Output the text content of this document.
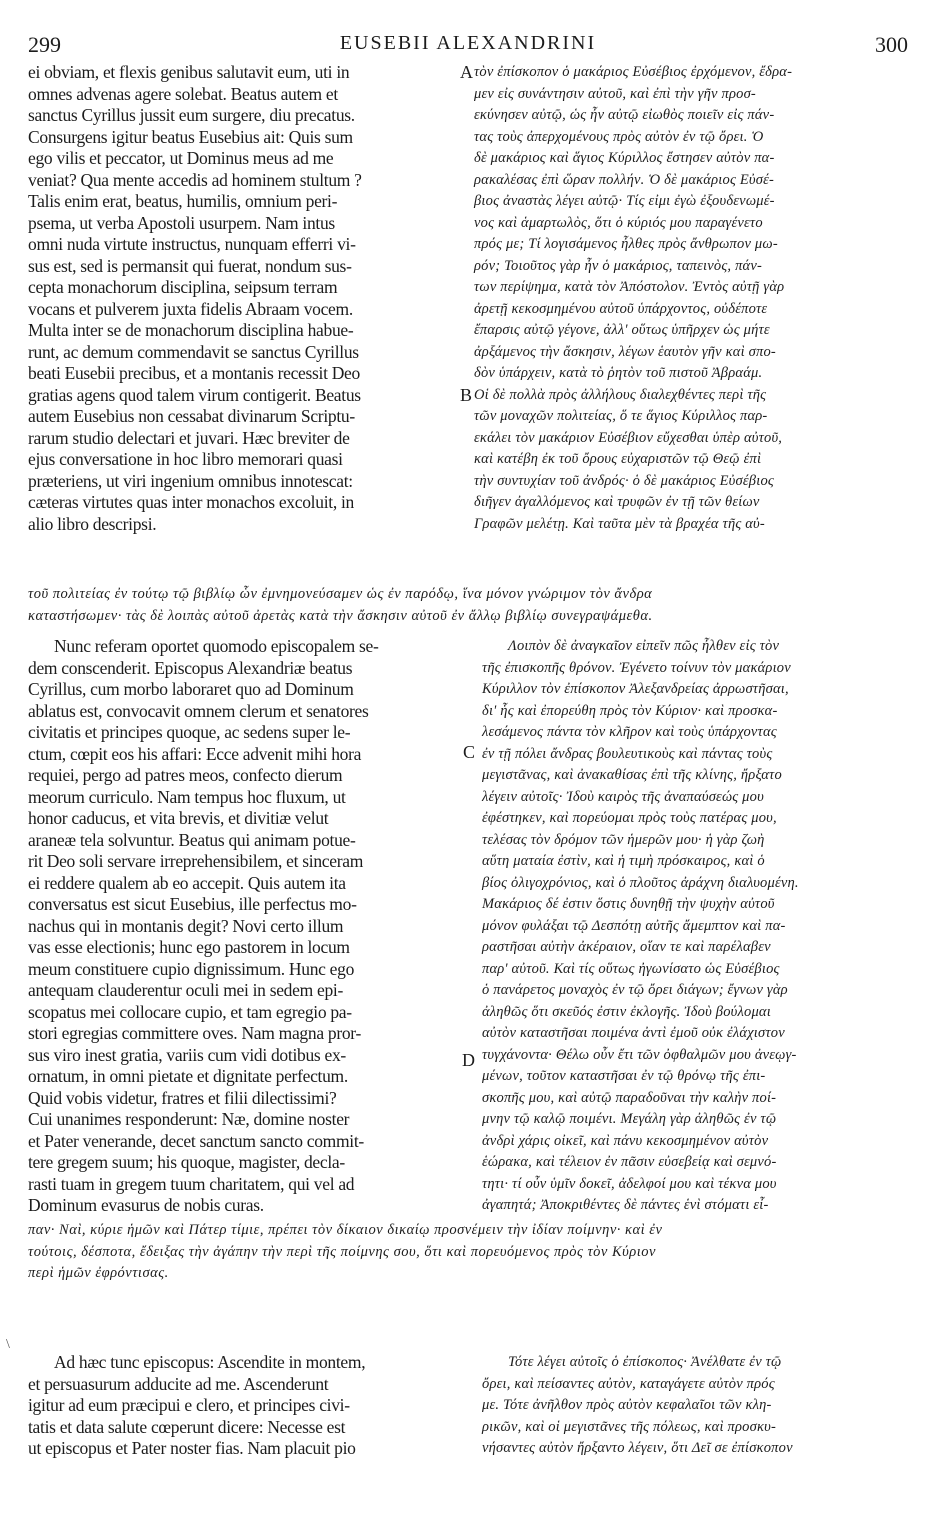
299	EUSEBII ALEXANDRINI	300
ei obviam, et flexis genibus salutavit eum, uti in
omnes advenas agere solebat. Beatus autem et
sanctus Cyrillus jussit eum surgere, diu precatus.
Consurgens igitur beatus Eusebius ait: Quis sum
ego vilis et peccator, ut Dominus meus ad me
veniat? Qua mente accedis ad hominem stultum ?
Talis enim erat, beatus, humilis, omnium peri-
psema, ut verba Apostoli usurpem. Nam intus
omni nuda virtute instructus, nunquam efferri vi-
sus est, sed is permansit qui fuerat, nondum sus-
cepta monachorum disciplina, seipsum terram
vocans et pulverem juxta fidelis Abraam vocem.
Multa inter se de monachorum disciplina habue-
runt, ac demum commendavit se sanctus Cyrillus
beati Eusebii precibus, et a montanis recessit Deo
gratias agens quod talem virum contigerit. Beatus
autem Eusebius non cessabat divinarum Scriptu-
rarum studio delectari et juvari. Hæc breviter de
ejus conversatione in hoc libro memorari quasi
præteriens, ut viri ingenium omnibus innotescat:
cæteras virtutes quas inter monachos excoluit, in
alio libro descripsi.
τὸν ἐπίσκοπον ὁ μακάριος Εὐσέβιος ἐρχόμενον, ἔδρα-
μεν εἰς συνάντησιν αὐτοῦ, καὶ ἐπὶ τὴν γῆν προσ-
εκύνησεν αὐτῷ, ὡς ἦν αὐτῷ εἰωθὸς ποιεῖν εἰς πάν-
τας τοὺς ἀπερχομένους πρὸς αὐτὸν ἐν τῷ ὄρει. Ὁ
δὲ μακάριος καὶ ἅγιος Κύριλλος ἔστησεν αὐτὸν πα-
ρακαλέσας ἐπὶ ὥραν πολλήν. Ὁ δὲ μακάριος Εὐσέ-
βιος ἀναστὰς λέγει αὐτῷ· Τίς εἰμι ἐγὼ ἐξουδενωμέ-
νος καὶ ἁμαρτωλὸς, ὅτι ὁ κύριός μου παραγένετο
πρός με; Τί λογισάμενος ἦλθες πρὸς ἄνθρωπον μω-
ρόν; Τοιοῦτος γὰρ ἦν ὁ μακάριος, ταπεινὸς, πάν-
των περίψημα, κατὰ τὸν Ἀπόστολον. Ἐντὸς αὐτῇ γὰρ
ἀρετῇ κεκοσμημένου αὐτοῦ ὑπάρχοντος, οὐδέποτε
ἔπαρσις αὐτῷ γέγονε, ἀλλ' οὕτως ὑπῆρχεν ὡς μήτε
ἀρξάμενος τὴν ἄσκησιν, λέγων ἑαυτὸν γῆν καὶ σπο-
δὸν ὑπάρχειν, κατὰ τὸ ῥητὸν τοῦ πιστοῦ Ἀβραάμ.
Οἱ δὲ πολλὰ πρὸς ἀλλήλους διαλεχθέντες περὶ τῆς
τῶν μοναχῶν πολιτείας, ὅ τε ἅγιος Κύριλλος παρ-
εκάλει τὸν μακάριον Εὐσέβιον εὔχεσθαι ὑπὲρ αὐτοῦ,
καὶ κατέβη ἐκ τοῦ ὄρους εὐχαριστῶν τῷ Θεῷ ἐπὶ
τὴν συντυχίαν τοῦ ἀνδρός· ὁ δὲ μακάριος Εὐσέβιος
διῆγεν ἀγαλλόμενος καὶ τρυφῶν ἐν τῇ τῶν θείων
Γραφῶν μελέτῃ. Καὶ ταῦτα μὲν τὰ βραχέα τῆς αὐ-
τοῦ πολιτείας ἐν τούτῳ τῷ βιβλίῳ ὧν ἐμνημονεύσαμεν ὡς ἐν παρόδῳ, ἵνα μόνον γνώριμον τὸν ἄνδρα
καταστήσωμεν· τὰς δὲ λοιπὰς αὐτοῦ ἀρετὰς κατὰ τὴν ἄσκησιν αὐτοῦ ἐν ἄλλῳ βιβλίῳ συνεγραψάμεθα.
Nunc referam oportet quomodo episcopalem se-
dem conscenderit. Episcopus Alexandriæ beatus
Cyrillus, cum morbo laboraret quo ad Dominum
ablatus est, convocavit omnem clerum et senatores
civitatis et principes quoque, ac sedens super le-
ctum, cœpit eos his affari: Ecce advenit mihi hora
requiei, pergo ad patres meos, confecto dierum
meorum curriculo. Nam tempus hoc fluxum, ut
honor caducus, et vita brevis, et divitiæ velut
araneæ tela solvuntur. Beatus qui animam potue-
rit Deo soli servare irreprehensibilem, et sinceram
ei reddere qualem ab eo accepit. Quis autem ita
conversatus est sicut Eusebius, ille perfectus mo-
nachus qui in montanis degit? Novi certo illum
vas esse electionis; hunc ego pastorem in locum
meum constituere cupio dignissimum. Hunc ego
antequam clauderentur oculi mei in sedem epi-
scopatus mei collocare cupio, et tam egregio pa-
stori egregias committere oves. Nam magna pror-
sus viro inest gratia, variis cum vidi dotibus ex-
ornatum, in omni pietate et dignitate perfectum.
Quid vobis videtur, fratres et filii dilectissimi?
Cui unanimes responderunt: Næ, domine noster
et Pater venerande, decet sanctum sancto commit-
tere gregem suum; his quoque, magister, decla-
rasti tuam in gregem tuum charitatem, qui vel ad
Dominum evasurus de nobis curas.
Λοιπὸν δὲ ἀναγκαῖον εἰπεῖν πῶς ἦλθεν εἰς τὸν
τῆς ἐπισκοπῆς θρόνον. Ἐγένετο τοίνυν τὸν μακάριον
Κύριλλον τὸν ἐπίσκοπον Ἀλεξανδρείας ἀρρωστῆσαι,
δι' ἧς καὶ ἐπορεύθη πρὸς τὸν Κύριον· καὶ προσκα-
λεσάμενος πάντα τὸν κλῆρον καὶ τοὺς ὑπάρχοντας
ἐν τῇ πόλει ἄνδρας βουλευτικοὺς καὶ πάντας τοὺς
μεγιστᾶνας, καὶ ἀνακαθίσας ἐπὶ τῆς κλίνης, ἤρξατο
λέγειν αὐτοῖς· Ἰδοὺ καιρὸς τῆς ἀναπαύσεώς μου
ἐφέστηκεν, καὶ πορεύομαι πρὸς τοὺς πατέρας μου,
τελέσας τὸν δρόμον τῶν ἡμερῶν μου· ἡ γὰρ ζωὴ
αὕτη ματαία ἐστὶν, καὶ ἡ τιμὴ πρόσκαιρος, καὶ ὁ
βίος ὀλιγοχρόνιος, καὶ ὁ πλοῦτος ἀράχνη διαλυομένη.
Μακάριος δέ ἐστιν ὅστις δυνηθῇ τὴν ψυχὴν αὐτοῦ
μόνον φυλάξαι τῷ Δεσπότῃ αὐτῆς ἄμεμπτον καὶ πα-
ραστῆσαι αὐτὴν ἀκέραιον, οἵαν τε καὶ παρέλαβεν
παρ' αὐτοῦ. Καὶ τίς οὕτως ἠγωνίσατο ὡς Εὐσέβιος
ὁ πανάρετος μοναχὸς ἐν τῷ ὄρει διάγων; ἔγνων γὰρ
ἀληθῶς ὅτι σκεῦός ἐστιν ἐκλογῆς. Ἰδοὺ βούλομαι
αὐτὸν καταστῆσαι ποιμένα ἀντὶ ἐμοῦ οὐκ ἐλάχιστον
τυγχάνοντα· Θέλω οὖν ἔτι τῶν ὀφθαλμῶν μου ἀνεῳγ-
μένων, τοῦτον καταστῆσαι ἐν τῷ θρόνῳ τῆς ἐπι-
σκοπῆς μου, καὶ αὐτῷ παραδοῦναι τὴν καλὴν ποί-
μνην τῷ καλῷ ποιμένι. Μεγάλη γὰρ ἀληθῶς ἐν τῷ
ἀνδρὶ χάρις οἰκεῖ, καὶ πάνυ κεκοσμημένον αὐτὸν
ἑώρακα, καὶ τέλειον ἐν πᾶσιν εὐσεβείᾳ καὶ σεμνό-
τητι· τί οὖν ὑμῖν δοκεῖ, ἀδελφοί μου καὶ τέκνα μου
ἀγαπητά; Ἀποκριθέντες δὲ πάντες ἑνὶ στόματι εἶ-
παν· Ναὶ, κύριε ἡμῶν καὶ Πάτερ τίμιε, πρέπει τὸν δίκαιον δικαίῳ προσνέμειν τὴν ἰδίαν ποίμνην· καὶ ἐν
τούτοις, δέσποτα, ἔδειξας τὴν ἀγάπην τὴν περὶ τῆς ποίμνης σου, ὅτι καὶ πορευόμενος πρὸς τὸν Κύριον
περὶ ἡμῶν ἐφρόντισας.
Ad hæc tunc episcopus: Ascendite in montem,
et persuasurum adducite ad me. Ascenderunt
igitur ad eum præcipui e clero, et principes civi-
tatis et data salute cœperunt dicere: Necesse est
ut episcopus et Pater noster fias. Nam placuit pio
Τότε λέγει αὐτοῖς ὁ ἐπίσκοπος· Ἀνέλθατε ἐν τῷ
ὄρει, καὶ πείσαντες αὐτὸν, καταγάγετε αὐτὸν πρός
με. Τότε ἀνῆλθον πρὸς αὐτὸν κεφαλαῖοι τῶν κλη-
ρικῶν, καὶ οἱ μεγιστᾶνες τῆς πόλεως, καὶ προσκυ-
νήσαντες αὐτὸν ἤρξαντο λέγειν, ὅτι Δεῖ σε ἐπίσκοπον
A
B
C
D
\
